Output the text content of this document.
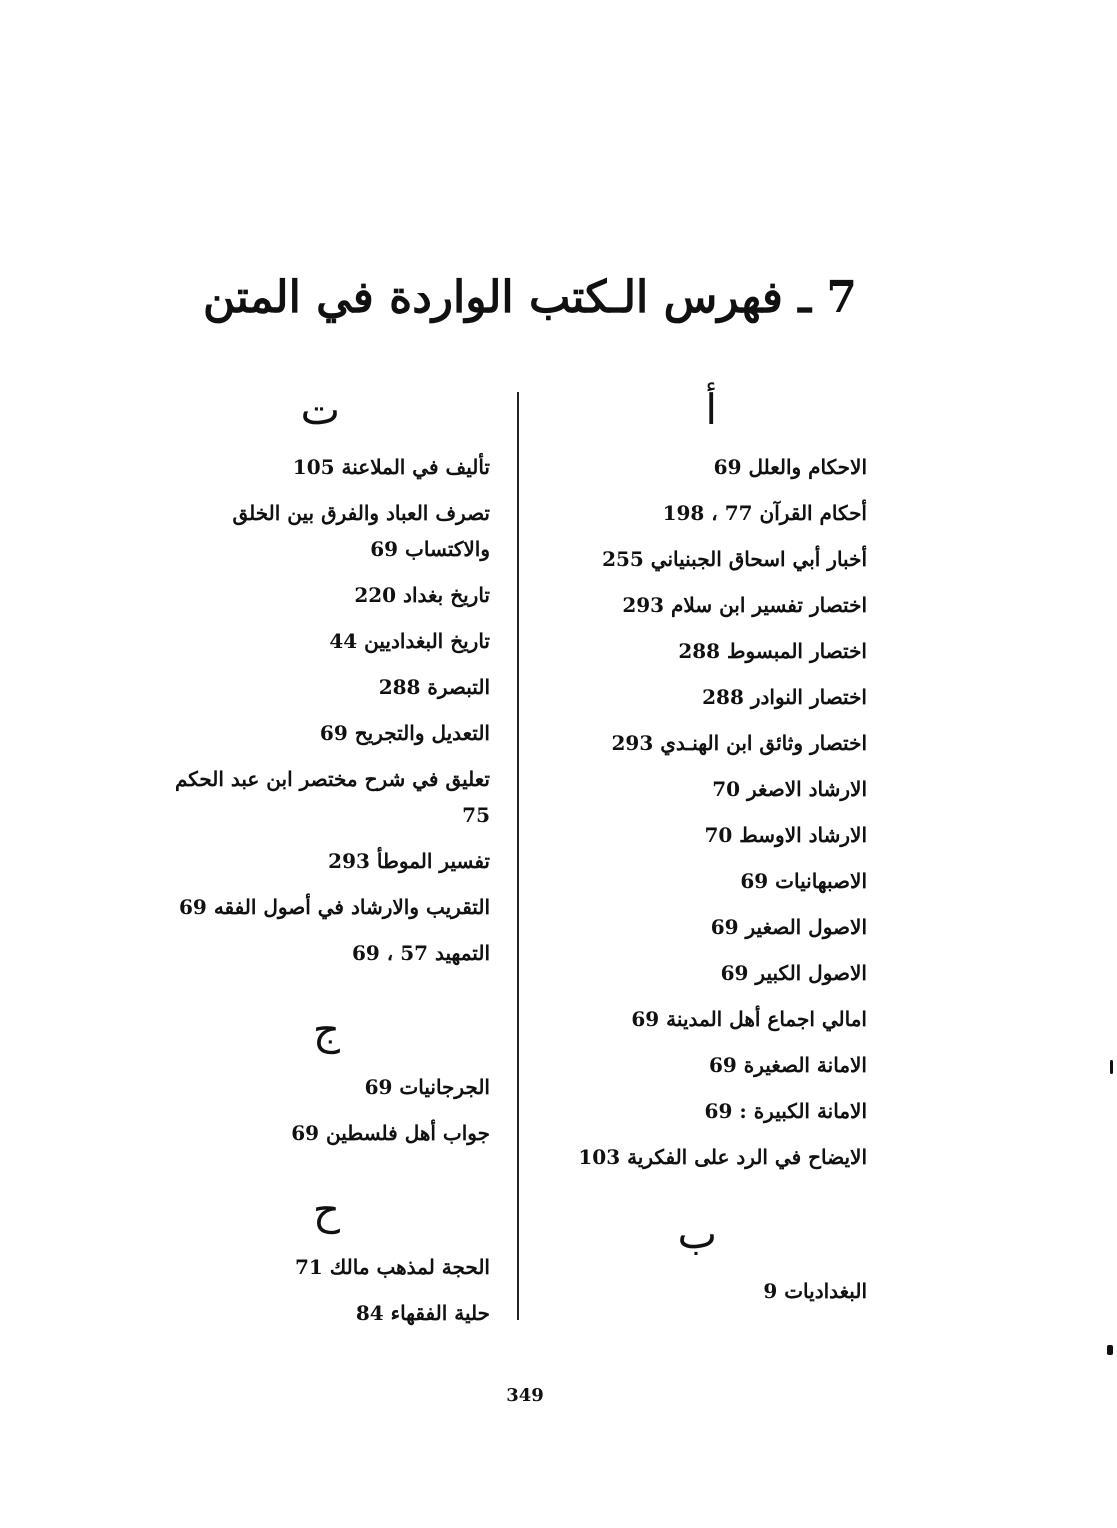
7 ـ فهرس الـكتب الواردة في المتن
أ
الاحكام والعلل 69
أحكام القرآن 77 ، 198
أخبار أبي اسحاق الجبنياني 255
اختصار تفسير ابن سلام 293
اختصار المبسوط 288
اختصار النوادر 288
اختصار وثائق ابن الهنـدي 293
الارشاد الاصغر 70
الارشاد الاوسط 70
الاصبهانيات 69
الاصول الصغير 69
الاصول الكبير 69
امالي اجماع أهل المدينة 69
الامانة الصغيرة 69
الامانة الكبيرة : 69
الايضاح في الرد على الفكرية 103
ب
البغداديات 9
ت
تأليف في الملاعنة 105
تصرف العباد والفرق بين الخلق والاكتساب 69
تاريخ بغداد 220
تاريخ البغداديين 44
التبصرة 288
التعديل والتجريح 69
تعليق في شرح مختصر ابن عبد الحكم 75
تفسير الموطأ 293
التقريب والارشاد في أصول الفقه 69
التمهيد 57 ، 69
ج
الجرجانيات 69
جواب أهل فلسطين 69
ح
الحجة لمذهب مالك 71
حلية الفقهاء 84
349
